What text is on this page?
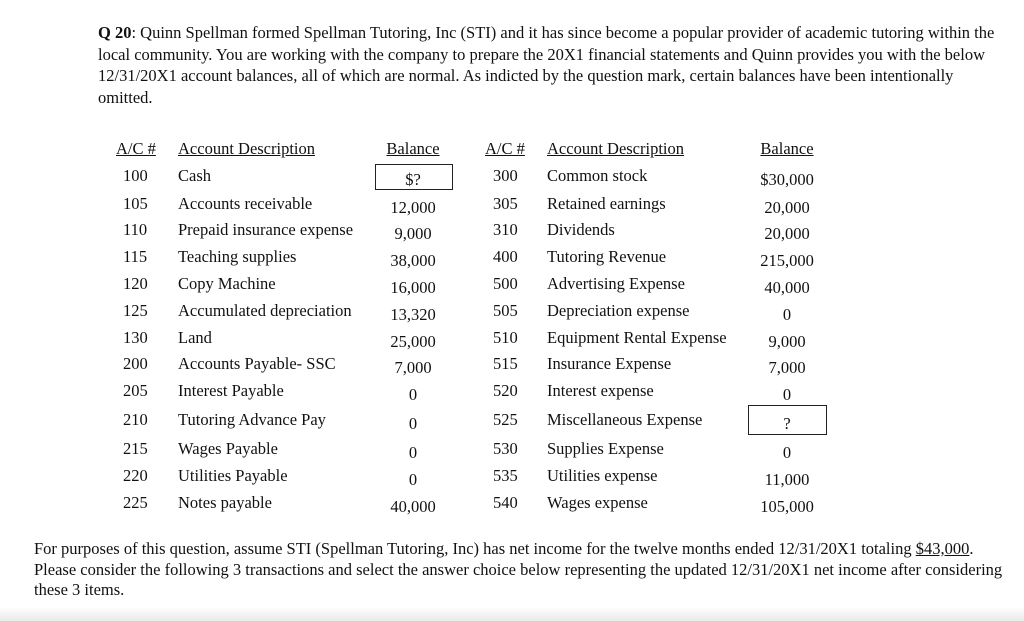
Q 20: Quinn Spellman formed Spellman Tutoring, Inc (STI) and it has since become a popular provider of academic tutoring within the local community. You are working with the company to prepare the 20X1 financial statements and Quinn provides you with the below 12/31/20X1 account balances, all of which are normal. As indicted by the question mark, certain balances have been intentionally omitted.
A/C # Account Description	Balance
100 Cash	$?
105 Accounts receivable	12,000
110 Prepaid insurance expense	9,000
115 Teaching supplies	38,000
120 Copy Machine	16,000
125 Accumulated depreciation	13,320
130 Land	25,000
200 Accounts Payable- SSC	7,000
205 Interest Payable	0
210 Tutoring Advance Pay	0
215 Wages Payable	0
220 Utilities Payable	0
225 Notes payable	40,000
A/C # Account Description	Balance
300 Common stock	$30,000
305 Retained earnings	20,000
310 Dividends	20,000
400 Tutoring Revenue	215,000
500 Advertising Expense	40,000
505 Depreciation expense	0
510 Equipment Rental Expense	9,000
515 Insurance Expense	7,000
520 Interest expense	0
525 Miscellaneous Expense	?
530 Supplies Expense	0
535 Utilities expense	11,000
540 Wages expense	105,000
For purposes of this question, assume STI (Spellman Tutoring, Inc) has net income for the twelve months ended 12/31/20X1 totaling $43,000. Please consider the following 3 transactions and select the answer choice below representing the updated 12/31/20X1 net income after considering these 3 items.
